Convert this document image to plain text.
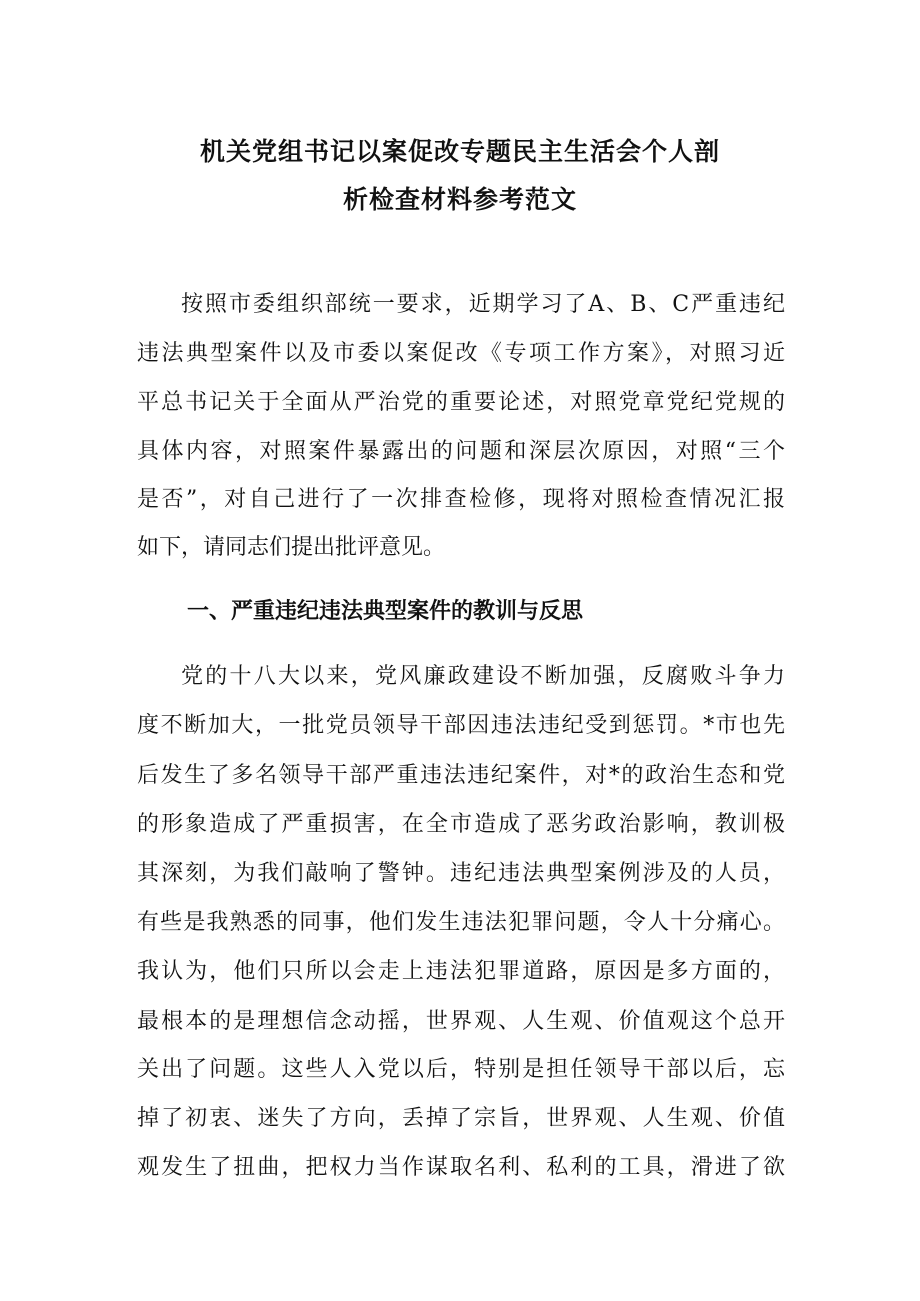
机关党组书记以案促改专题民主生活会个人剖
析检查材料参考范文
按照市委组织部统一要求，近期学习了A、B、C严重违纪
违法典型案件以及市委以案促改《专项工作方案》，对照习近
平总书记关于全面从严治党的重要论述，对照党章党纪党规的
具体内容，对照案件暴露出的问题和深层次原因，对照“三个
是否”，对自己进行了一次排查检修，现将对照检查情况汇报
如下，请同志们提出批评意见。
一、严重违纪违法典型案件的教训与反思
党的十八大以来，党风廉政建设不断加强，反腐败斗争力
度不断加大，一批党员领导干部因违法违纪受到惩罚。*市也先
后发生了多名领导干部严重违法违纪案件，对*的政治生态和党
的形象造成了严重损害，在全市造成了恶劣政治影响，教训极
其深刻，为我们敲响了警钟。违纪违法典型案例涉及的人员，
有些是我熟悉的同事，他们发生违法犯罪问题，令人十分痛心。
我认为，他们只所以会走上违法犯罪道路，原因是多方面的，
最根本的是理想信念动摇，世界观、人生观、价值观这个总开
关出了问题。这些人入党以后，特别是担任领导干部以后，忘
掉了初衷、迷失了方向，丢掉了宗旨，世界观、人生观、价值
观发生了扭曲，把权力当作谋取名利、私利的工具，滑进了欲
